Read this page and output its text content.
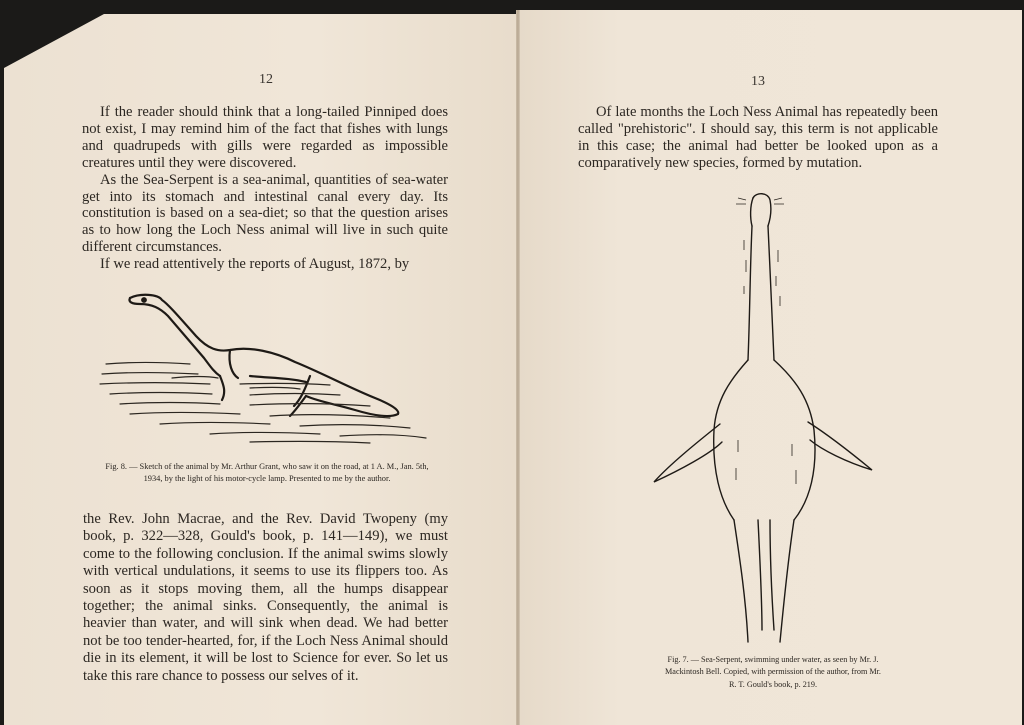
12

If the reader should think that a long-tailed Pinniped does not exist, I may remind him of the fact that fishes with lungs and quadrupeds with gills were regarded as impossible creatures until they were discovered.

As the Sea-Serpent is a sea-animal, quantities of sea-water get into its stomach and intestinal canal every day. Its constitution is based on a sea-diet; so that the question arises as to how long the Loch Ness animal will live in such quite different circumstances.

If we read attentively the reports of August, 1872, by

Fig. 8. — Sketch of the animal by Mr. Arthur Grant, who saw it on the road, at 1 A. M., Jan. 5th, 1934, by the light of his motor-cycle lamp. Presented to me by the author.

the Rev. John Macrae, and the Rev. David Twopeny (my book, p. 322—328, Gould's book, p. 141—149), we must come to the following conclusion. If the animal swims slowly with vertical undulations, it seems to use its flippers too. As soon as it stops moving them, all the humps disappear together; the animal sinks. Consequently, the animal is heavier than water, and will sink when dead. We had better not be too tender-hearted, for, if the Loch Ness Animal should die in its element, it will be lost to Science for ever. So let us take this rare chance to possess our selves of it.

13

Of late months the Loch Ness Animal has repeatedly been called "prehistoric". I should say, this term is not applicable in this case; the animal had better be looked upon as a comparatively new species, formed by mutation.

Fig. 7. — Sea-Serpent, swimming under water, as seen by Mr. J. Mackintosh Bell. Copied, with permission of the author, from Mr. R. T. Gould's book, p. 219.
